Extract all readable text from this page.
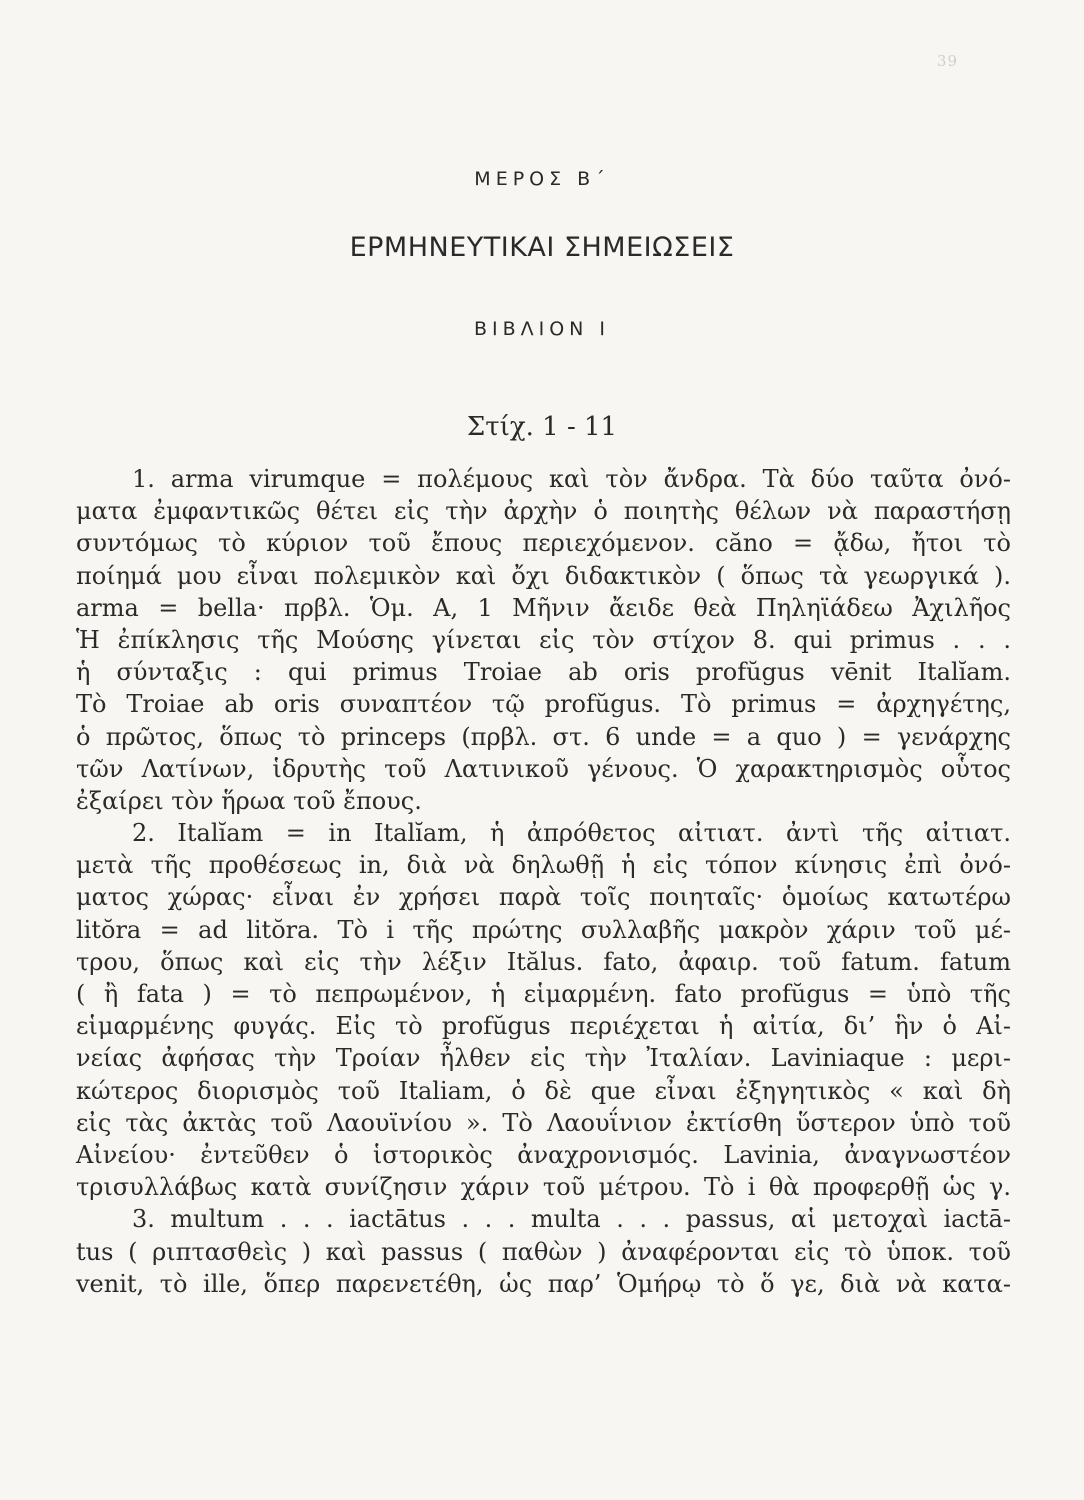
39
ΜΕΡΟΣ Β΄
ΕΡΜΗΝΕΥΤΙΚΑΙ ΣΗΜΕΙΩΣΕΙΣ
ΒΙΒΛΙΟΝ Ι
Στίχ. 1 - 11
1. arma virumque = πολέμους καὶ τὸν ἄνδρα. Τὰ δύο ταῦτα ὀνό-
ματα ἐμφαντικῶς θέτει εἰς τὴν ἀρχὴν ὁ ποιητὴς θέλων νὰ παραστήσῃ
συντόμως τὸ κύριον τοῦ ἔπους περιεχόμενον. căno = ᾄδω, ἤτοι τὸ
ποίημά μου εἶναι πολεμικὸν καὶ ὄχι διδακτικὸν ( ὅπως τὰ γεωργικά ).
arma = bella· πρβλ. Ὁμ. Α, 1 Μῆνιν ἄειδε θεὰ Πηληϊάδεω Ἀχιλῆος
Ἡ ἐπίκλησις τῆς Μούσης γίνεται εἰς τὸν στίχον 8. qui primus . . .
ἡ σύνταξις : qui primus Troiae ab oris profŭgus vēnit Italĭam.
Τὸ Troiae ab oris συναπτέον τῷ profŭgus. Τὸ primus = ἀρχηγέτης,
ὁ πρῶτος, ὅπως τὸ princeps (πρβλ. στ. 6 unde = a quo ) = γενάρχης
τῶν Λατίνων, ἱδρυτὴς τοῦ Λατινικοῦ γένους. Ὁ χαρακτηρισμὸς οὗτος
ἐξαίρει τὸν ἥρωα τοῦ ἔπους.
2. Italĭam = in Italĭam, ἡ ἀπρόθετος αἰτιατ. ἀντὶ τῆς αἰτιατ.
μετὰ τῆς προθέσεως in, διὰ νὰ δηλωθῇ ἡ εἰς τόπον κίνησις ἐπὶ ὀνό-
ματος χώρας· εἶναι ἐν χρήσει παρὰ τοῖς ποιηταῖς· ὁμοίως κατωτέρω
litŏra = ad litŏra. Τὸ i τῆς πρώτης συλλαβῆς μακρὸν χάριν τοῦ μέ-
τρου, ὅπως καὶ εἰς τὴν λέξιν Itălus. fato, ἀφαιρ. τοῦ fatum. fatum
( ἢ fata ) = τὸ πεπρωμένον, ἡ εἱμαρμένη. fato profŭgus = ὑπὸ τῆς
εἱμαρμένης φυγάς. Εἰς τὸ profŭgus περιέχεται ἡ αἰτία, δι’ ἣν ὁ Αἰ-
νείας ἀφήσας τὴν Τροίαν ἦλθεν εἰς τὴν Ἰταλίαν. Laviniaque : μερι-
κώτερος διορισμὸς τοῦ Italiam, ὁ δὲ que εἶναι ἐξηγητικὸς « καὶ δὴ
εἰς τὰς ἀκτὰς τοῦ Λαουϊνίου ». Τὸ Λαουΐνιον ἐκτίσθη ὕστερον ὑπὸ τοῦ
Αἰνείου· ἐντεῦθεν ὁ ἱστορικὸς ἀναχρονισμός. Lavinia, ἀναγνωστέον
τρισυλλάβως κατὰ συνίζησιν χάριν τοῦ μέτρου. Τὸ i θὰ προφερθῇ ὡς γ.
3. multum . . . iactātus . . . multa . . . passus, αἱ μετοχαὶ iactā-
tus ( ριπτασθεὶς ) καὶ passus ( παθὼν ) ἀναφέρονται εἰς τὸ ὑποκ. τοῦ
venit, τὸ ille, ὅπερ παρενετέθη, ὡς παρ’ Ὁμήρῳ τὸ ὅ γε, διὰ νὰ κατα-
